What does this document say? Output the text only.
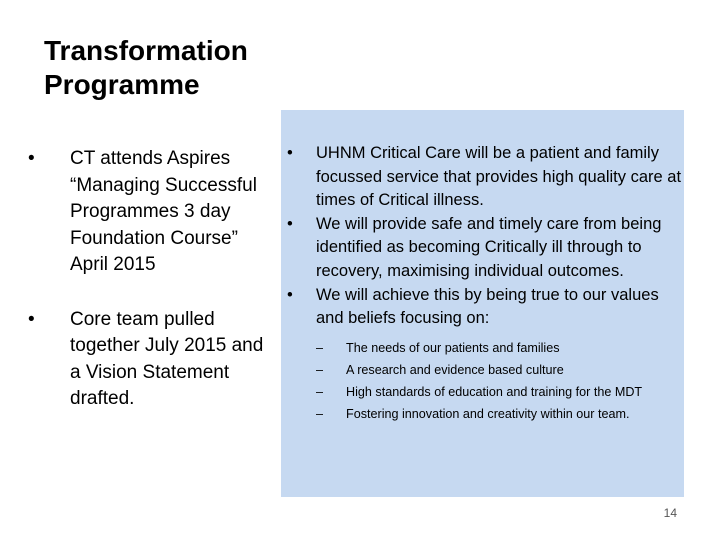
Transformation
Programme
• CT attends Aspires “Managing Successful Programmes 3 day Foundation Course” April 2015
• Core team pulled together July 2015 and a Vision Statement drafted.
• UHNM Critical Care will be a patient and family focussed service that provides high quality care at times of Critical illness.
• We will provide safe and timely care from being identified as becoming Critically ill through to recovery, maximising individual outcomes.
• We will achieve this by being true to our values and beliefs focusing on:
– The needs of our patients and families
– A research and evidence based culture
– High standards of education and training for the MDT
– Fostering innovation and creativity within our team.
14
